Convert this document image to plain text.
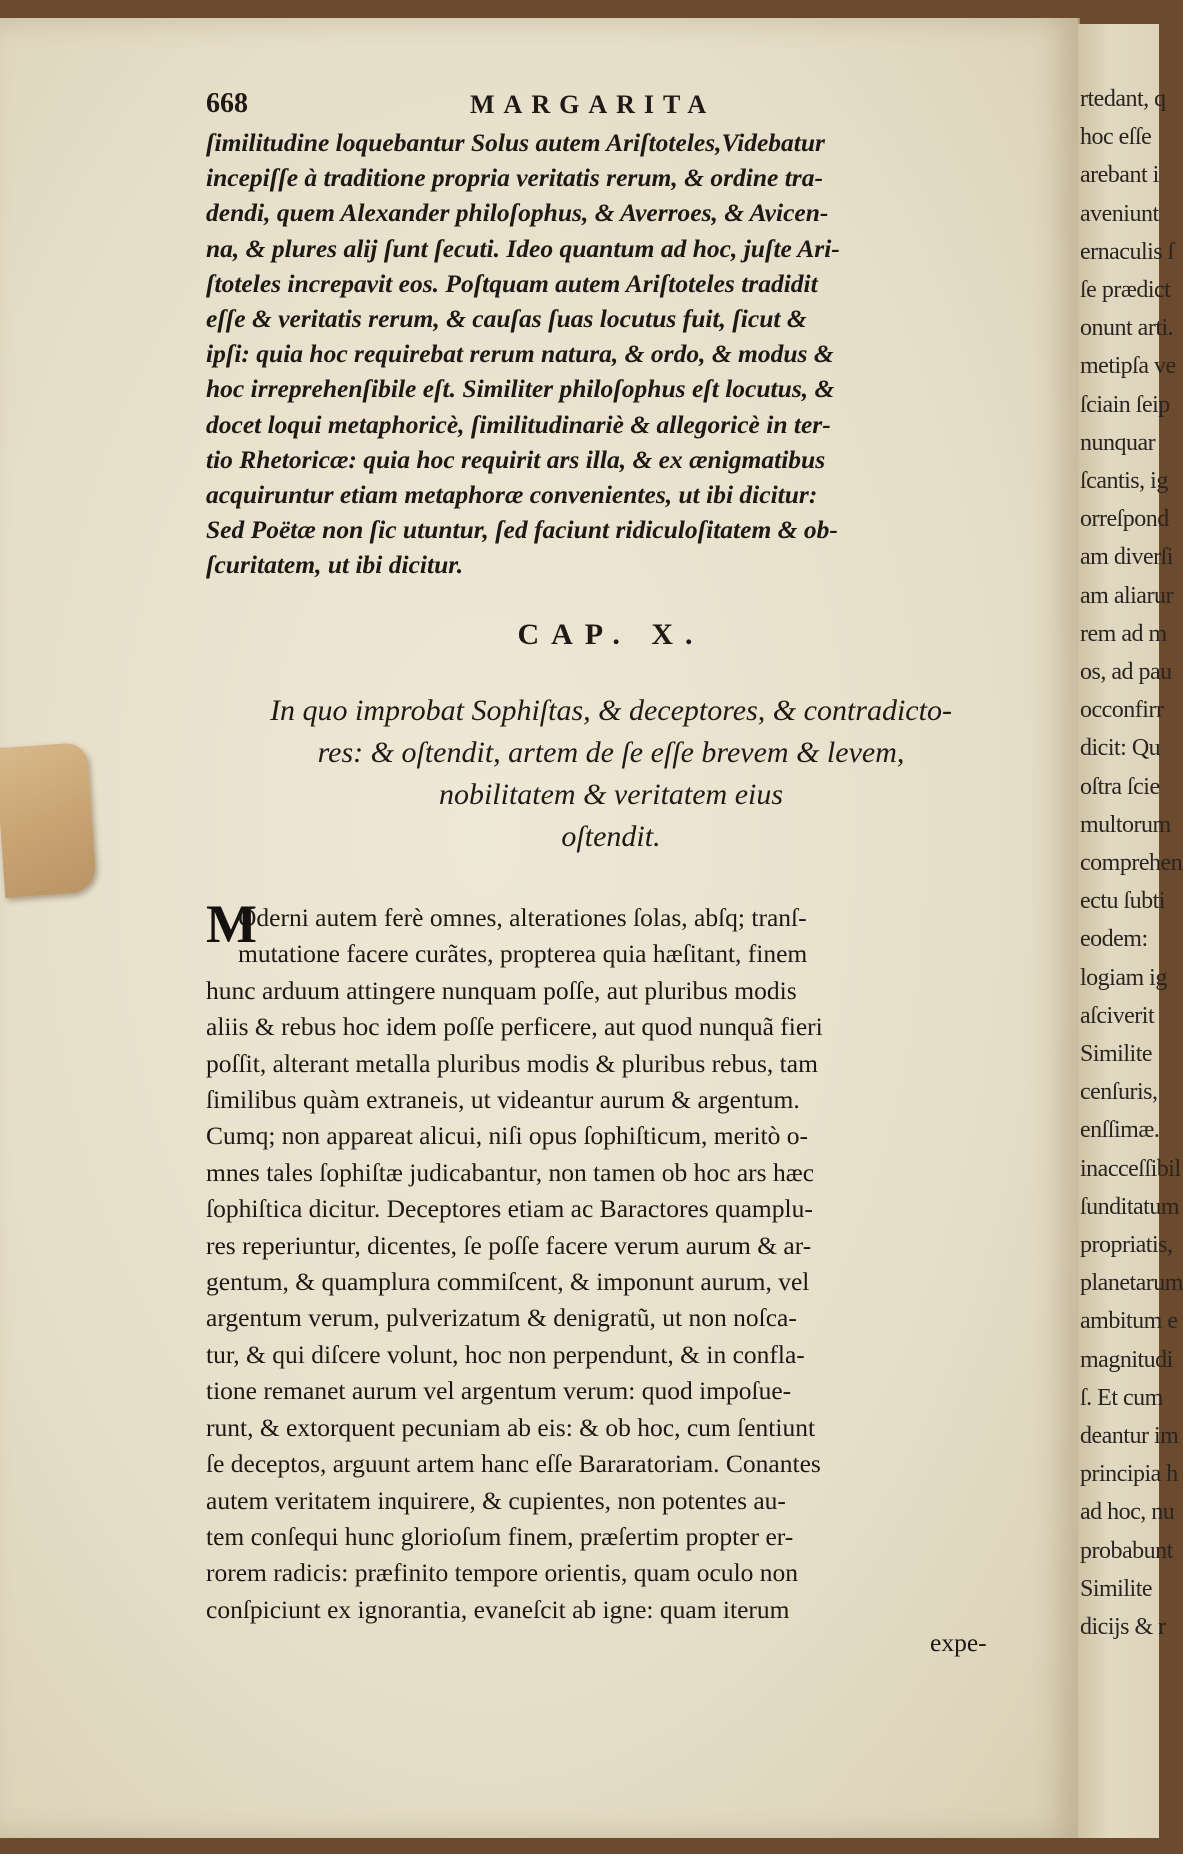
rtedant, q
hoc eſſe
arebant i
aveniunt
ernaculis ſ
ſe prædict
onunt arti.
metipſa ve
ſciain ſeip
nunquar
ſcantis, ig
orreſpond
am diverſi
am aliarur
rem ad m
os, ad pau
occonfirr
dicit: Qu
oſtra ſcie
multorum
comprehen
ectu ſubti
eodem:
logiam ig
aſciverit
Similite
cenſuris,
enſſimæ.
inacceſſibil
ſunditatum
propriatis,
planetarum
ambitum e
magnitudi
ſ. Et cum
deantur im
principia h
ad hoc, nu
probabunt
Similite
dicijs & r
668	MARGARITA
ſimilitudine loquebantur Solus autem Ariſtoteles,Videbatur
incepiſſe à traditione propria veritatis rerum, & ordine tra-
dendi, quem Alexander philoſophus, & Averroes, & Avicen-
na, & plures alij ſunt ſecuti. Ideo quantum ad hoc, juſte Ari-
ſtoteles increpavit eos. Poſtquam autem Ariſtoteles tradidit
eſſe & veritatis rerum, & cauſas ſuas locutus fuit, ſicut &
ipſi: quia hoc requirebat rerum natura, & ordo, & modus &
hoc irreprehenſibile eſt. Similiter philoſophus eſt locutus, &
docet loqui metaphoricè, ſimilitudinariè & allegoricè in ter-
tio Rhetoricæ: quia hoc requirit ars illa, & ex ænigmatibus
acquiruntur etiam metaphoræ convenientes, ut ibi dicitur:
Sed Poëtæ non ſic utuntur, ſed faciunt ridiculoſitatem & ob-
ſcuritatem, ut ibi dicitur.
CAP. X.
In quo improbat Sophiſtas, & deceptores, & contradicto-
res: & oſtendit, artem de ſe eſſe brevem & levem,
nobilitatem & veritatem eius
oſtendit.
M
Oderni autem ferè omnes, alterationes ſolas, abſq; tranſ-
mutatione facere curãtes, propterea quia hæſitant, finem
hunc arduum attingere nunquam poſſe, aut pluribus modis
aliis & rebus hoc idem poſſe perficere, aut quod nunquã fieri
poſſit, alterant metalla pluribus modis & pluribus rebus, tam
ſimilibus quàm extraneis, ut videantur aurum & argentum.
Cumq; non appareat alicui, niſi opus ſophiſticum, meritò o-
mnes tales ſophiſtæ judicabantur, non tamen ob hoc ars hæc
ſophiſtica dicitur. Deceptores etiam ac Baractores quamplu-
res reperiuntur, dicentes, ſe poſſe facere verum aurum & ar-
gentum, & quamplura commiſcent, & imponunt aurum, vel
argentum verum, pulverizatum & denigratũ, ut non noſca-
tur, & qui diſcere volunt, hoc non perpendunt, & in confla-
tione remanet aurum vel argentum verum: quod impoſue-
runt, & extorquent pecuniam ab eis: & ob hoc, cum ſentiunt
ſe deceptos, arguunt artem hanc eſſe Bararatoriam. Conantes
autem veritatem inquirere, & cupientes, non potentes au-
tem conſequi hunc glorioſum finem, præſertim propter er-
rorem radicis: præfinito tempore orientis, quam oculo non
conſpiciunt ex ignorantia, evaneſcit ab igne: quam iterum
expe-
